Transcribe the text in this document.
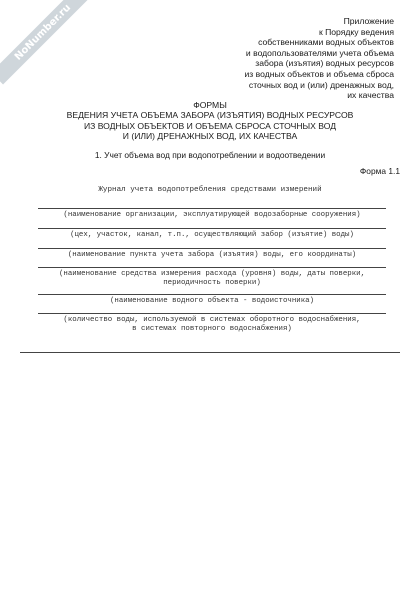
NoNumber.ru	Приложение
к Порядку ведения
собственниками водных объектов
и водопользователями учета объема
забора (изъятия) водных ресурсов
из водных объектов и объема сброса
сточных вод и (или) дренажных вод,
их качества
ФОРМЫ
ВЕДЕНИЯ УЧЕТА ОБЪЕМА ЗАБОРА (ИЗЪЯТИЯ) ВОДНЫХ РЕСУРСОВ
ИЗ ВОДНЫХ ОБЪЕКТОВ И ОБЪЕМА СБРОСА СТОЧНЫХ ВОД
И (ИЛИ) ДРЕНАЖНЫХ ВОД, ИХ КАЧЕСТВА
1. Учет объема вод при водопотреблении и водоотведении
Форма 1.1
Журнал учета водопотребления средствами измерений
(наименование организации, эксплуатирующей водозаборные сооружения)
(цех, участок, канал, т.п., осуществляющий забор (изъятие) воды)
(наименование пункта учета забора (изъятия) воды, его координаты)
(наименование средства измерения расхода (уровня) воды, даты поверки,
периодичность поверки)
(наименование водного объекта - водоисточника)
(количество воды, используемой в системах оборотного водоснабжения,
в системах повторного водоснабжения)
